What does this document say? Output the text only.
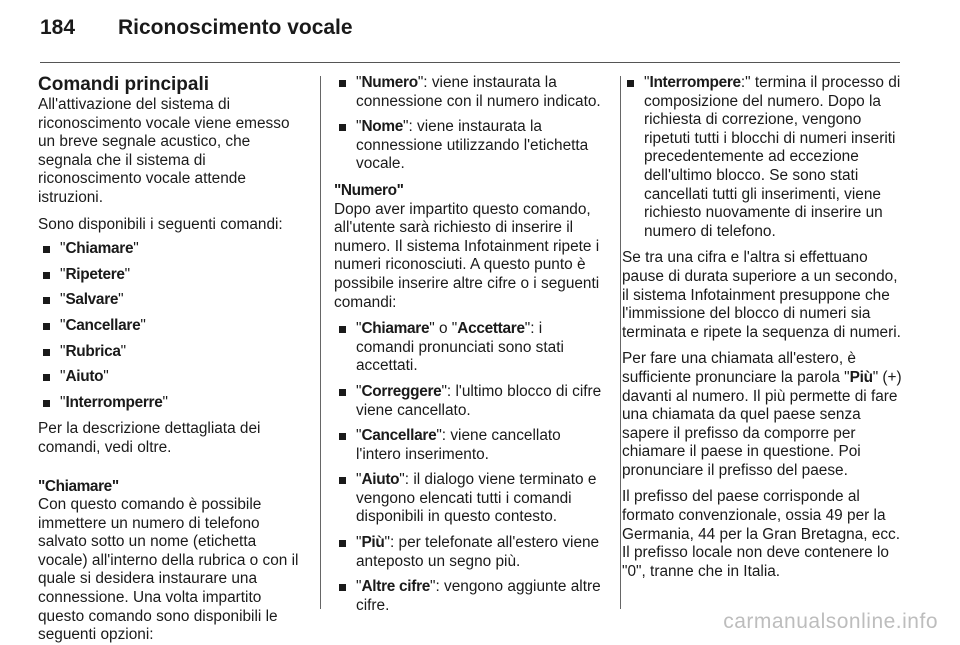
184 Riconoscimento vocale
Comandi principali

All'attivazione del sistema di riconoscimento vocale viene emesso un breve segnale acustico, che segnala che il sistema di riconoscimento vocale attende istruzioni.

Sono disponibili i seguenti comandi:

"Chiamare"
"Ripetere"
"Salvare"
"Cancellare"
"Rubrica"
"Aiuto"
"Interromperre"

Per la descrizione dettagliata dei comandi, vedi oltre.

"Chiamare"

Con questo comando è possibile immettere un numero di telefono salvato sotto un nome (etichetta vocale) all'interno della rubrica o con il quale si desidera instaurare una connessione. Una volta impartito questo comando sono disponibili le seguenti opzioni:

"Numero": viene instaurata la connessione con il numero indicato.
"Nome": viene instaurata la connessione utilizzando l'etichetta vocale.

"Numero"

Dopo aver impartito questo comando, all'utente sarà richiesto di inserire il numero. Il sistema Infotainment ripete i numeri riconosciuti. A questo punto è possibile inserire altre cifre o i seguenti comandi:

"Chiamare" o "Accettare": i comandi pronunciati sono stati accettati.
"Correggere": l'ultimo blocco di cifre viene cancellato.
"Cancellare": viene cancellato l'intero inserimento.
"Aiuto": il dialogo viene terminato e vengono elencati tutti i comandi disponibili in questo contesto.
"Più": per telefonate all'estero viene anteposto un segno più.
"Altre cifre": vengono aggiunte altre cifre.
"Interrompere:" termina il processo di composizione del numero. Dopo la richiesta di correzione, vengono ripetuti tutti i blocchi di numeri inseriti precedentemente ad eccezione dell'ultimo blocco. Se sono stati cancellati tutti gli inserimenti, viene richiesto nuovamente di inserire un numero di telefono.

Se tra una cifra e l'altra si effettuano pause di durata superiore a un secondo, il sistema Infotainment presuppone che l'immissione del blocco di numeri sia terminata e ripete la sequenza di numeri.

Per fare una chiamata all'estero, è sufficiente pronunciare la parola "Più" (+) davanti al numero. Il più permette di fare una chiamata da quel paese senza sapere il prefisso da comporre per chiamare il paese in questione. Poi pronunciare il prefisso del paese.

Il prefisso del paese corrisponde al formato convenzionale, ossia 49 per la Germania, 44 per la Gran Bretagna, ecc. Il prefisso locale non deve contenere lo "0", tranne che in Italia.

carmanualsonline.info
